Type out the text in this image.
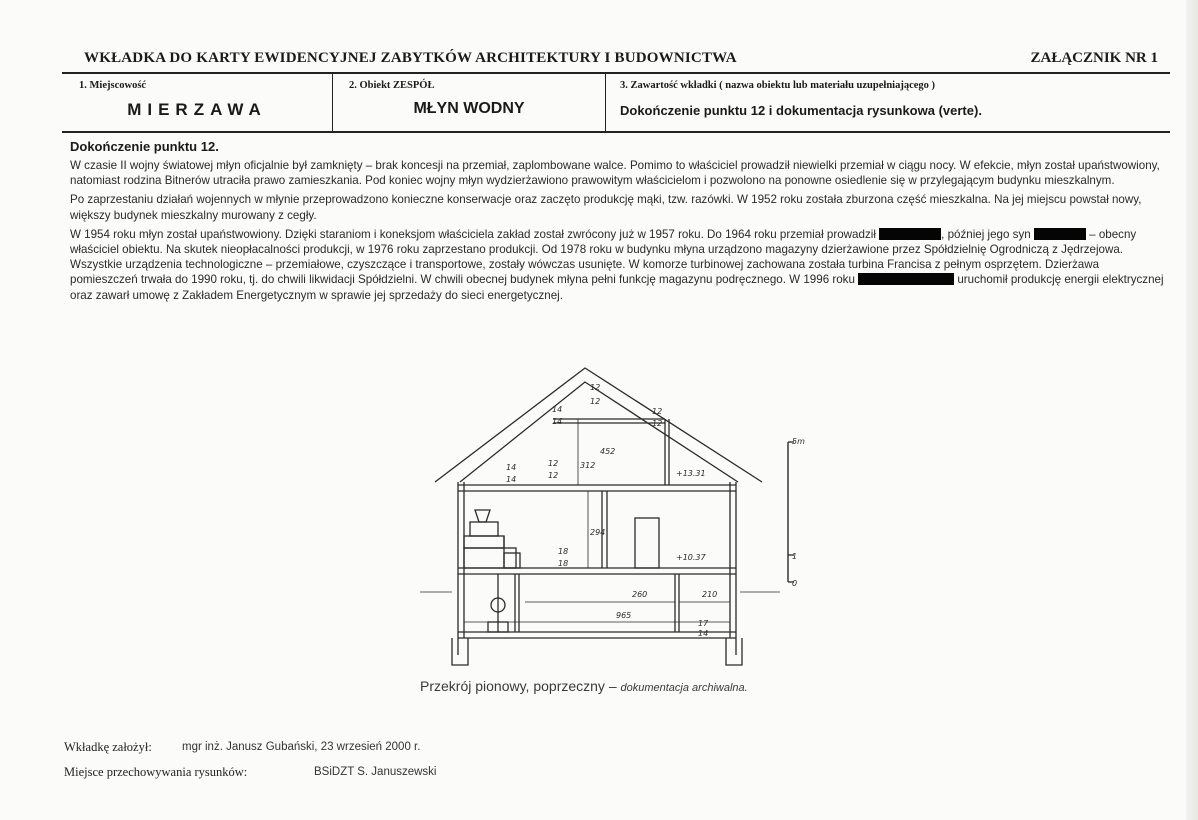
WKŁADKA DO KARTY EWIDENCYJNEJ ZABYTKÓW ARCHITEKTURY I BUDOWNICTWA	ZAŁĄCZNIK NR 1
1. Miejscowość
MIERZAWA
2. Obiekt ZESPÓŁ
MŁYN WODNY
3. Zawartość wkładki ( nazwa obiektu lub materiału uzupełniającego )
Dokończenie punktu 12 i dokumentacja rysunkowa (verte).
Dokończenie punktu 12.

W czasie II wojny światowej młyn oficjalnie był zamknięty – brak koncesji na przemiał, zaplombowane walce. Pomimo to właściciel prowadził niewielki przemiał w ciągu nocy. W efekcie, młyn został upaństwowiony, natomiast rodzina Bitnerów utraciła prawo zamieszkania. Pod koniec wojny młyn wydzierżawiono prawowitym właścicielom i pozwolono na ponowne osiedlenie się w przylegającym budynku mieszkalnym.

Po zaprzestaniu działań wojennych w młynie przeprowadzono konieczne konserwacje oraz zaczęto produkcję mąki, tzw. razówki. W 1952 roku została zburzona część mieszkalna. Na jej miejscu powstał nowy, większy budynek mieszkalny murowany z cegły.

W 1954 roku młyn został upaństwowiony. Dzięki staraniom i koneksjom właściciela zakład został zwrócony już w 1957 roku. Do 1964 roku przemiał prowadził	, później jego syn	– obecny właściciel obiektu. Na skutek nieopłacalności produkcji, w 1976 roku zaprzestano produkcji. Od 1978 roku w budynku młyna urządzono magazyny dzierżawione przez Spółdzielnię Ogrodniczą z Jędrzejowa. Wszystkie urządzenia technologiczne – przemiałowe, czyszczące i transportowe, zostały wówczas usunięte. W komorze turbinowej zachowana została turbina Francisa z pełnym osprzętem. Dzierżawa pomieszczeń trwała do 1990 roku, tj. do chwili likwidacji Spółdzielni. W chwili obecnej budynek młyna pełni funkcję magazynu podręcznego. W 1996 roku	uruchomił produkcję energii elektrycznej oraz zawarł umowę z Zakładem Energetycznym w sprawie jej sprzedaży do sieci energetycznej.

12
12
14
14
12
12
452
12
12
312
14
14
+13.31
294
18
18
+10.37
260	210
965
17
14
5m
1
0
Przekrój pionowy, poprzeczny – dokumentacja archiwalna.
Wkładkę założył:	mgr inż. Janusz Gubański, 23 wrzesień 2000 r.
Miejsce przechowywania rysunków:	BSiDZT S. Januszewski
